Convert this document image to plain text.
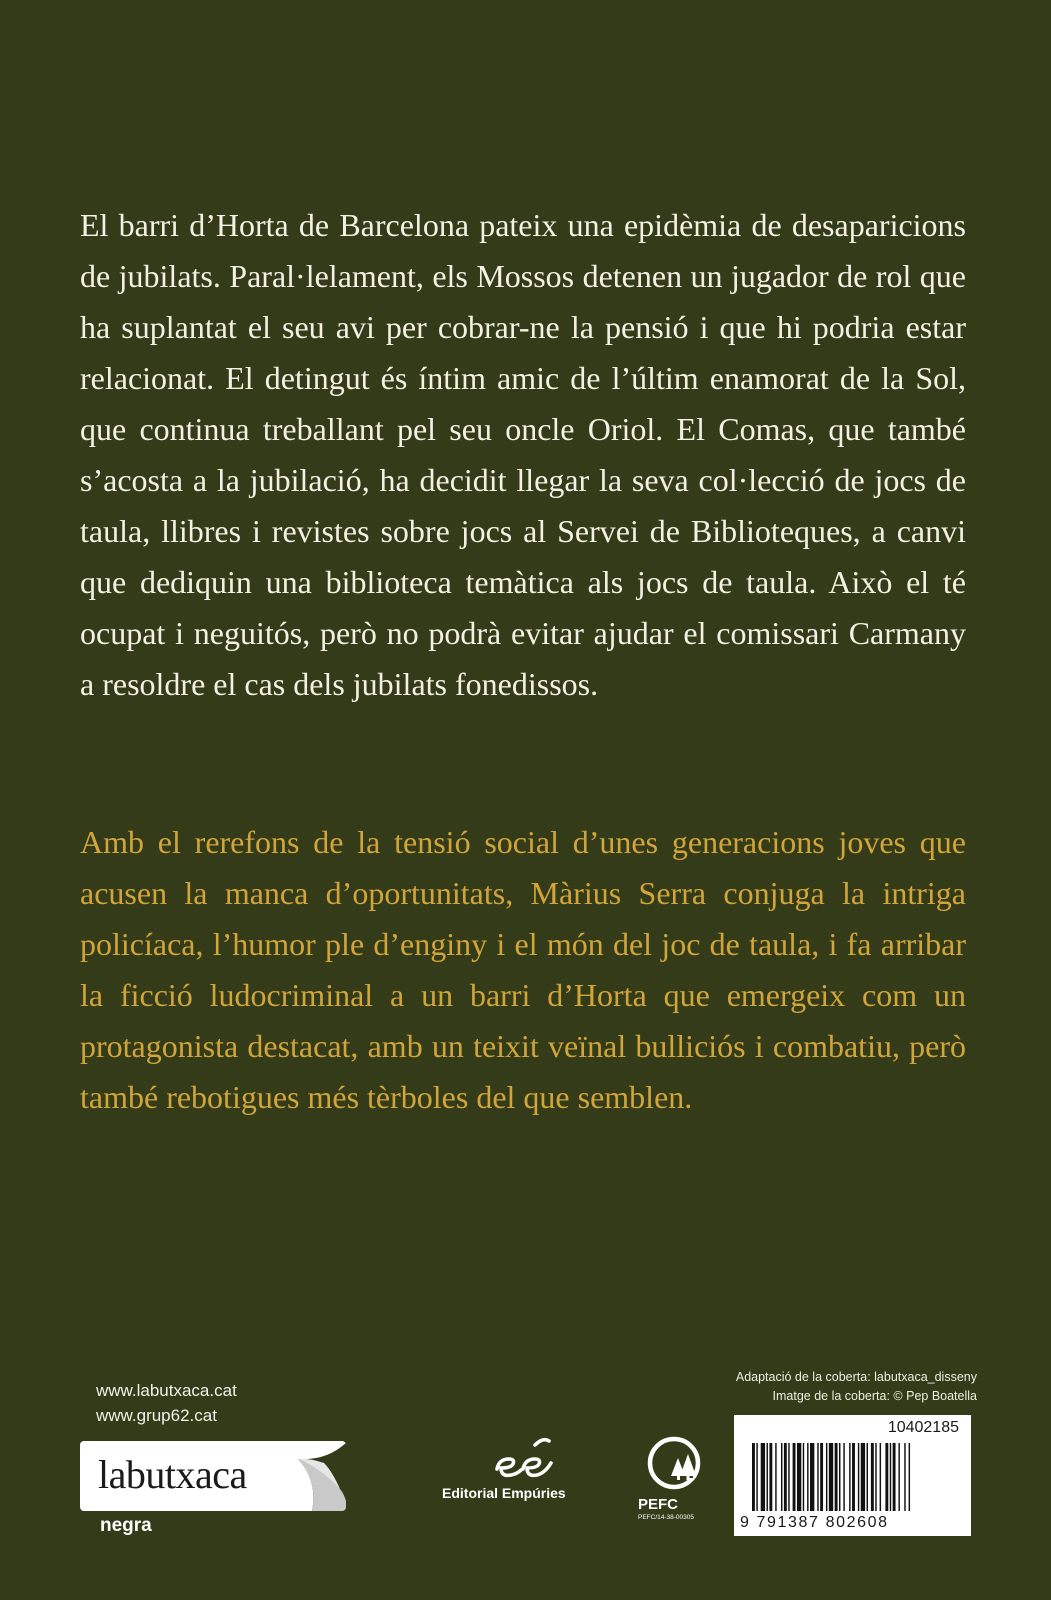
El barri d’Horta de Barcelona pateix una epidèmia de desaparicions de jubilats. Paral·lelament, els Mossos detenen un jugador de rol que ha suplantat el seu avi per cobrar-ne la pensió i que hi podria estar relacionat. El detingut és íntim amic de l’últim enamorat de la Sol, que continua treballant pel seu oncle Oriol. El Comas, que també s’acosta a la jubilació, ha decidit llegar la seva col·lecció de jocs de taula, llibres i revistes sobre jocs al Servei de Biblioteques, a canvi que dediquin una biblioteca temàtica als jocs de taula. Això el té ocupat i neguitós, però no podrà evitar ajudar el comissari Carmany a resoldre el cas dels jubilats fonedissos.

Amb el rerefons de la tensió social d’unes generacions joves que acusen la manca d’oportunitats, Màrius Serra conjuga la intriga policíaca, l’humor ple d’enginy i el món del joc de taula, i fa arribar la ficció ludocriminal a un barri d’Horta que emergeix com un protagonista destacat, amb un teixit veïnal bulliciós i combatiu, però també rebotigues més tèrboles del que semblen.

Adaptació de la coberta: labutxaca_disseny
Imatge de la coberta: © Pep Boatella
www.labutxaca.cat
www.grup62.cat
labutxaca
negra
Editorial Empúries
PEFC
PEFC/14-38-00305
10402185
9 791387 802608
